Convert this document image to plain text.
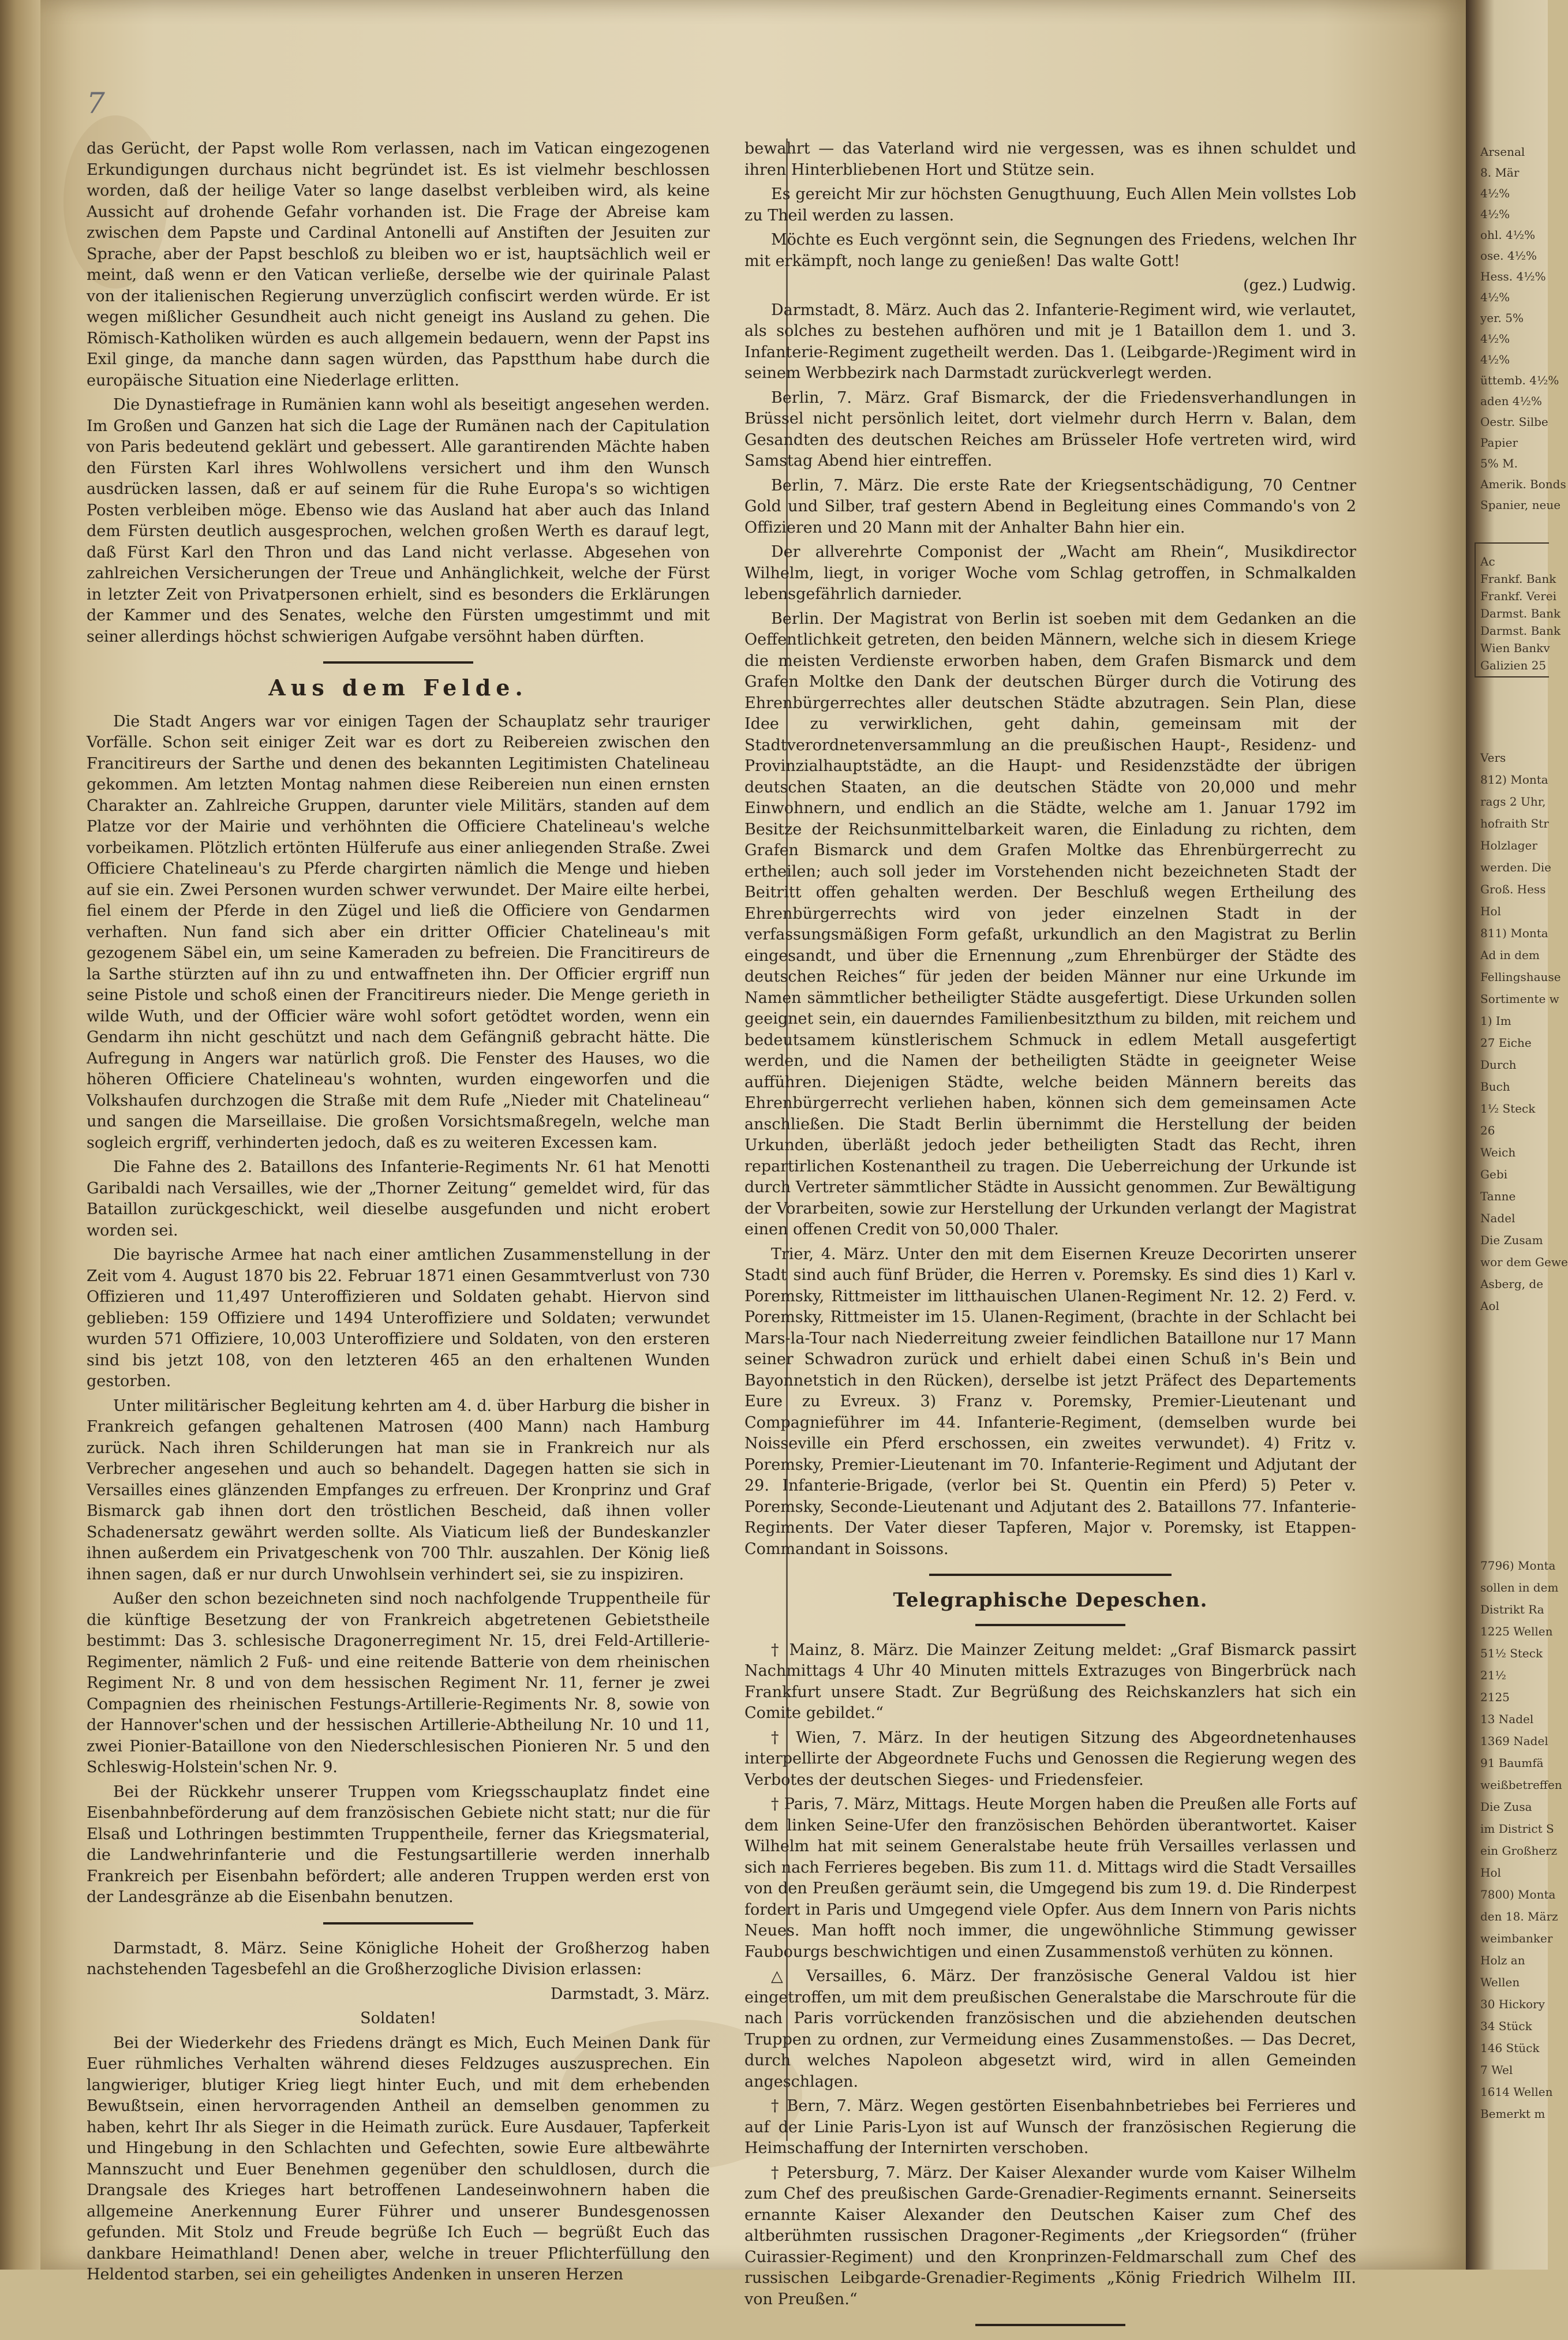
7

das Gerücht, der Papst wolle Rom verlassen, nach im Vatican eingezogenen Erkundigungen durchaus nicht begründet ist. Es ist vielmehr beschlossen worden, daß der heilige Vater so lange daselbst verbleiben wird, als keine Aussicht auf drohende Gefahr vorhanden ist. Die Frage der Abreise kam zwischen dem Papste und Cardinal Antonelli auf Anstiften der Jesuiten zur Sprache, aber der Papst beschloß zu bleiben wo er ist, hauptsächlich weil er meint, daß wenn er den Vatican verließe, derselbe wie der quirinale Palast von der italienischen Regierung unverzüglich confiscirt werden würde. Er ist wegen mißlicher Gesundheit auch nicht geneigt ins Ausland zu gehen. Die Römisch-Katholiken würden es auch allgemein bedauern, wenn der Papst ins Exil ginge, da manche dann sagen würden, das Papstthum habe durch die europäische Situation eine Niederlage erlitten.

Die Dynastiefrage in Rumänien kann wohl als beseitigt angesehen werden. Im Großen und Ganzen hat sich die Lage der Rumänen nach der Capitulation von Paris bedeutend geklärt und gebessert. Alle garantirenden Mächte haben den Fürsten Karl ihres Wohlwollens versichert und ihm den Wunsch ausdrücken lassen, daß er auf seinem für die Ruhe Europa's so wichtigen Posten verbleiben möge. Ebenso wie das Ausland hat aber auch das Inland dem Fürsten deutlich ausgesprochen, welchen großen Werth es darauf legt, daß Fürst Karl den Thron und das Land nicht verlasse. Abgesehen von zahlreichen Versicherungen der Treue und Anhänglichkeit, welche der Fürst in letzter Zeit von Privatpersonen erhielt, sind es besonders die Erklärungen der Kammer und des Senates, welche den Fürsten umgestimmt und mit seiner allerdings höchst schwierigen Aufgabe versöhnt haben dürften.

Aus dem Felde.

Die Stadt Angers war vor einigen Tagen der Schauplatz sehr trauriger Vorfälle. Schon seit einiger Zeit war es dort zu Reibereien zwischen den Francitireurs der Sarthe und denen des bekannten Legitimisten Chatelineau gekommen. Am letzten Montag nahmen diese Reibereien nun einen ernsten Charakter an. Zahlreiche Gruppen, darunter viele Militärs, standen auf dem Platze vor der Mairie und verhöhnten die Officiere Chatelineau's welche vorbeikamen. Plötzlich ertönten Hülferufe aus einer anliegenden Straße. Zwei Officiere Chatelineau's zu Pferde chargirten nämlich die Menge und hieben auf sie ein. Zwei Personen wurden schwer verwundet. Der Maire eilte herbei, fiel einem der Pferde in den Zügel und ließ die Officiere von Gendarmen verhaften. Nun fand sich aber ein dritter Officier Chatelineau's mit gezogenem Säbel ein, um seine Kameraden zu befreien. Die Francitireurs de la Sarthe stürzten auf ihn zu und entwaffneten ihn. Der Officier ergriff nun seine Pistole und schoß einen der Francitireurs nieder. Die Menge gerieth in wilde Wuth, und der Officier wäre wohl sofort getödtet worden, wenn ein Gendarm ihn nicht geschützt und nach dem Gefängniß gebracht hätte. Die Aufregung in Angers war natürlich groß. Die Fenster des Hauses, wo die höheren Officiere Chatelineau's wohnten, wurden eingeworfen und die Volkshaufen durchzogen die Straße mit dem Rufe „Nieder mit Chatelineau“ und sangen die Marseillaise. Die großen Vorsichtsmaßregeln, welche man sogleich ergriff, verhinderten jedoch, daß es zu weiteren Excessen kam.

Die Fahne des 2. Bataillons des Infanterie-Regiments Nr. 61 hat Menotti Garibaldi nach Versailles, wie der „Thorner Zeitung“ gemeldet wird, für das Bataillon zurückgeschickt, weil dieselbe ausgefunden und nicht erobert worden sei.

Die bayrische Armee hat nach einer amtlichen Zusammenstellung in der Zeit vom 4. August 1870 bis 22. Februar 1871 einen Gesammtverlust von 730 Offizieren und 11,497 Unteroffizieren und Soldaten gehabt. Hiervon sind geblieben: 159 Offiziere und 1494 Unteroffiziere und Soldaten; verwundet wurden 571 Offiziere, 10,003 Unteroffiziere und Soldaten, von den ersteren sind bis jetzt 108, von den letzteren 465 an den erhaltenen Wunden gestorben.

Unter militärischer Begleitung kehrten am 4. d. über Harburg die bisher in Frankreich gefangen gehaltenen Matrosen (400 Mann) nach Hamburg zurück. Nach ihren Schilderungen hat man sie in Frankreich nur als Verbrecher angesehen und auch so behandelt. Dagegen hatten sie sich in Versailles eines glänzenden Empfanges zu erfreuen. Der Kronprinz und Graf Bismarck gab ihnen dort den tröstlichen Bescheid, daß ihnen voller Schadenersatz gewährt werden sollte. Als Viaticum ließ der Bundeskanzler ihnen außerdem ein Privatgeschenk von 700 Thlr. auszahlen. Der König ließ ihnen sagen, daß er nur durch Unwohlsein verhindert sei, sie zu inspiziren.

Außer den schon bezeichneten sind noch nachfolgende Truppentheile für die künftige Besetzung der von Frankreich abgetretenen Gebietstheile bestimmt: Das 3. schlesische Dragonerregiment Nr. 15, drei Feld-Artillerie-Regimenter, nämlich 2 Fuß- und eine reitende Batterie von dem rheinischen Regiment Nr. 8 und von dem hessischen Regiment Nr. 11, ferner je zwei Compagnien des rheinischen Festungs-Artillerie-Regiments Nr. 8, sowie von der Hannover'schen und der hessischen Artillerie-Abtheilung Nr. 10 und 11, zwei Pionier-Bataillone von den Niederschlesischen Pionieren Nr. 5 und den Schleswig-Holstein'schen Nr. 9.

Bei der Rückkehr unserer Truppen vom Kriegsschauplatz findet eine Eisenbahnbeförderung auf dem französischen Gebiete nicht statt; nur die für Elsaß und Lothringen bestimmten Truppentheile, ferner das Kriegsmaterial, die Landwehrinfanterie und die Festungsartillerie werden innerhalb Frankreich per Eisenbahn befördert; alle anderen Truppen werden erst von der Landesgränze ab die Eisenbahn benutzen.

Darmstadt, 8. März. Seine Königliche Hoheit der Großherzog haben nachstehenden Tagesbefehl an die Großherzogliche Division erlassen:

Darmstadt, 3. März.

Soldaten!

Bei der Wiederkehr des Friedens drängt es Mich, Euch Meinen Dank für Euer rühmliches Verhalten während dieses Feldzuges auszusprechen. Ein langwieriger, blutiger Krieg liegt hinter Euch, und mit dem erhebenden Bewußtsein, einen hervorragenden Antheil an demselben genommen zu haben, kehrt Ihr als Sieger in die Heimath zurück. Eure Ausdauer, Tapferkeit und Hingebung in den Schlachten und Gefechten, sowie Eure altbewährte Mannszucht und Euer Benehmen gegenüber den schuldlosen, durch die Drangsale des Krieges hart betroffenen Landeseinwohnern haben die allgemeine Anerkennung Eurer Führer und unserer Bundesgenossen gefunden. Mit Stolz und Freude begrüße Ich Euch — begrüßt Euch das dankbare Heimathland! Denen aber, welche in treuer Pflichterfüllung den Heldentod starben, sei ein geheiligtes Andenken in unseren Herzen

bewahrt — das Vaterland wird nie vergessen, was es ihnen schuldet und ihren Hinterbliebenen Hort und Stütze sein.

Es gereicht Mir zur höchsten Genugthuung, Euch Allen Mein vollstes Lob zu Theil werden zu lassen.

Möchte es Euch vergönnt sein, die Segnungen des Friedens, welchen Ihr mit erkämpft, noch lange zu genießen! Das walte Gott!

(gez.) Ludwig.

Darmstadt, 8. März. Auch das 2. Infanterie-Regiment wird, wie verlautet, als solches zu bestehen aufhören und mit je 1 Bataillon dem 1. und 3. Infanterie-Regiment zugetheilt werden. Das 1. (Leibgarde-)Regiment wird in seinem Werbbezirk nach Darmstadt zurückverlegt werden.

Berlin, 7. März. Graf Bismarck, der die Friedensverhandlungen in Brüssel nicht persönlich leitet, dort vielmehr durch Herrn v. Balan, dem Gesandten des deutschen Reiches am Brüsseler Hofe vertreten wird, wird Samstag Abend hier eintreffen.

Berlin, 7. März. Die erste Rate der Kriegsentschädigung, 70 Centner Gold und Silber, traf gestern Abend in Begleitung eines Commando's von 2 Offizieren und 20 Mann mit der Anhalter Bahn hier ein.

Der allverehrte Componist der „Wacht am Rhein“, Musikdirector Wilhelm, liegt, in voriger Woche vom Schlag getroffen, in Schmalkalden lebensgefährlich darnieder.

Berlin. Der Magistrat von Berlin ist soeben mit dem Gedanken an die Oeffentlichkeit getreten, den beiden Männern, welche sich in diesem Kriege die meisten Verdienste erworben haben, dem Grafen Bismarck und dem Grafen Moltke den Dank der deutschen Bürger durch die Votirung des Ehrenbürgerrechtes aller deutschen Städte abzutragen. Sein Plan, diese Idee zu verwirklichen, geht dahin, gemeinsam mit der Stadtverordnetenversammlung an die preußischen Haupt-, Residenz- und Provinzialhauptstädte, an die Haupt- und Residenzstädte der übrigen deutschen Staaten, an die deutschen Städte von 20,000 und mehr Einwohnern, und endlich an die Städte, welche am 1. Januar 1792 im Besitze der Reichsunmittelbarkeit waren, die Einladung zu richten, dem Grafen Bismarck und dem Grafen Moltke das Ehrenbürgerrecht zu ertheilen; auch soll jeder im Vorstehenden nicht bezeichneten Stadt der Beitritt offen gehalten werden. Der Beschluß wegen Ertheilung des Ehrenbürgerrechts wird von jeder einzelnen Stadt in der verfassungsmäßigen Form gefaßt, urkundlich an den Magistrat zu Berlin eingesandt, und über die Ernennung „zum Ehrenbürger der Städte des deutschen Reiches“ für jeden der beiden Männer nur eine Urkunde im Namen sämmtlicher betheiligter Städte ausgefertigt. Diese Urkunden sollen geeignet sein, ein dauerndes Familienbesitzthum zu bilden, mit reichem und bedeutsamem künstlerischem Schmuck in edlem Metall ausgefertigt werden, und die Namen der betheiligten Städte in geeigneter Weise aufführen. Diejenigen Städte, welche beiden Männern bereits das Ehrenbürgerrecht verliehen haben, können sich dem gemeinsamen Acte anschließen. Die Stadt Berlin übernimmt die Herstellung der beiden Urkunden, überläßt jedoch jeder betheiligten Stadt das Recht, ihren repartirlichen Kostenantheil zu tragen. Die Ueberreichung der Urkunde ist durch Vertreter sämmtlicher Städte in Aussicht genommen. Zur Bewältigung der Vorarbeiten, sowie zur Herstellung der Urkunden verlangt der Magistrat einen offenen Credit von 50,000 Thaler.

Trier, 4. März. Unter den mit dem Eisernen Kreuze Decorirten unserer Stadt sind auch fünf Brüder, die Herren v. Poremsky. Es sind dies 1) Karl v. Poremsky, Rittmeister im litthauischen Ulanen-Regiment Nr. 12. 2) Ferd. v. Poremsky, Rittmeister im 15. Ulanen-Regiment, (brachte in der Schlacht bei Mars-la-Tour nach Niederreitung zweier feindlichen Bataillone nur 17 Mann seiner Schwadron zurück und erhielt dabei einen Schuß in's Bein und Bayonnetstich in den Rücken), derselbe ist jetzt Präfect des Departements Eure zu Evreux. 3) Franz v. Poremsky, Premier-Lieutenant und Compagnieführer im 44. Infanterie-Regiment, (demselben wurde bei Noisseville ein Pferd erschossen, ein zweites verwundet). 4) Fritz v. Poremsky, Premier-Lieutenant im 70. Infanterie-Regiment und Adjutant der 29. Infanterie-Brigade, (verlor bei St. Quentin ein Pferd) 5) Peter v. Poremsky, Seconde-Lieutenant und Adjutant des 2. Bataillons 77. Infanterie-Regiments. Der Vater dieser Tapferen, Major v. Poremsky, ist Etappen-Commandant in Soissons.

Telegraphische Depeschen.

† Mainz, 8. März. Die Mainzer Zeitung meldet: „Graf Bismarck passirt Nachmittags 4 Uhr 40 Minuten mittels Extrazuges von Bingerbrück nach Frankfurt unsere Stadt. Zur Begrüßung des Reichskanzlers hat sich ein Comite gebildet.“

† Wien, 7. März. In der heutigen Sitzung des Abgeordnetenhauses interpellirte der Abgeordnete Fuchs und Genossen die Regierung wegen des Verbotes der deutschen Sieges- und Friedensfeier.

† Paris, 7. März, Mittags. Heute Morgen haben die Preußen alle Forts auf dem linken Seine-Ufer den französischen Behörden überantwortet. Kaiser Wilhelm hat mit seinem Generalstabe heute früh Versailles verlassen und sich nach Ferrieres begeben. Bis zum 11. d. Mittags wird die Stadt Versailles von den Preußen geräumt sein, die Umgegend bis zum 19. d. Die Rinderpest fordert in Paris und Umgegend viele Opfer. Aus dem Innern von Paris nichts Neues. Man hofft noch immer, die ungewöhnliche Stimmung gewisser Faubourgs beschwichtigen und einen Zusammenstoß verhüten zu können.

△ Versailles, 6. März. Der französische General Valdou ist hier eingetroffen, um mit dem preußischen Generalstabe die Marschroute für die nach Paris vorrückenden französischen und die abziehenden deutschen Truppen zu ordnen, zur Vermeidung eines Zusammenstoßes. — Das Decret, durch welches Napoleon abgesetzt wird, wird in allen Gemeinden angeschlagen.

† Bern, 7. März. Wegen gestörten Eisenbahnbetriebes bei Ferrieres und auf der Linie Paris-Lyon ist auf Wunsch der französischen Regierung die Heimschaffung der Internirten verschoben.

† Petersburg, 7. März. Der Kaiser Alexander wurde vom Kaiser Wilhelm zum Chef des preußischen Garde-Grenadier-Regiments ernannt. Seinerseits ernannte Kaiser Alexander den Deutschen Kaiser zum Chef des altberühmten russischen Dragoner-Regiments „der Kriegsorden“ (früher Cuirassier-Regiment) und den Kronprinzen-Feldmarschall zum Chef des russischen Leibgarde-Grenadier-Regiments „König Friedrich Wilhelm III. von Preußen.“

Arsenal
8. Mär
4½%
4½%
ohl. 4½%
ose. 4½%
Hess. 4½%
4½%
yer. 5%
4½%
4½%
üttemb. 4½%
aden 4½%
Oestr. Silbe
Papier
5% M.
Amerik. Bonds
Spanier, neue
Ac
Frankf. Bank
Frankf. Verei
Darmst. Bank
Darmst. Bank
Wien Bankv
Galizien 25
Vers
812) Monta
rags 2 Uhr,
hofraith Str
Holzlager
werden. Die
Groß. Hess
Hol
811) Monta
Ad in dem
Fellingshause
Sortimente w
1) Im
27 Eiche
Durch
Buch
1½ Steck
26
Weich
Gebi
Tanne
Nadel
Die Zusam
wor dem Gewe
Asberg, de
Aol
7796) Monta
sollen in dem
Distrikt Ra
1225 Wellen
51½ Steck
21½
2125
13 Nadel
1369 Nadel
91 Baumfä
weißbetreffen
Die Zusa
im District S
ein Großherz
Hol
7800) Monta
den 18. März
weimbanker
Holz an
Wellen
30 Hickory
34 Stück
146 Stück
7 Wel
1614 Wellen
Bemerkt m
